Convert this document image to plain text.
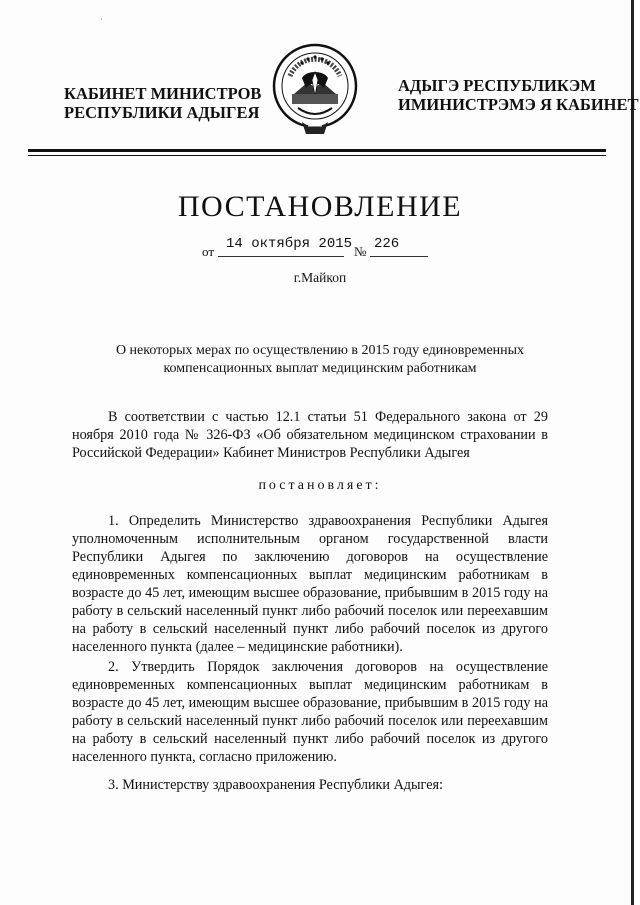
·
КАБИНЕТ МИНИСТРОВ
РЕСПУБЛИКИ АДЫГЕЯ
АДЫГЭ РЕСПУБЛИКЭМ
ИМИНИСТРЭМЭ Я КАБИНЕТ
ПОСТАНОВЛЕНИЕ
от 14 октября 2015 № 226
г.Майкоп
О некоторых мерах по осуществлению в 2015 году единовременных компенсационных выплат медицинским работникам
В соответствии с частью 12.1 статьи 51 Федерального закона от 29 ноября 2010 года № 326-ФЗ «Об обязательном медицинском страховании в Российской Федерации» Кабинет Министров Республики Адыгея
постановляет:
1. Определить Министерство здравоохранения Республики Адыгея уполномоченным исполнительным органом государственной власти Республики Адыгея по заключению договоров на осуществление единовременных компенсационных выплат медицинским работникам в возрасте до 45 лет, имеющим высшее образование, прибывшим в 2015 году на работу в сельский населенный пункт либо рабочий поселок или переехавшим на работу в сельский населенный пункт либо рабочий поселок из другого населенного пункта (далее – медицинские работники).
2. Утвердить Порядок заключения договоров на осуществление единовременных компенсационных выплат медицинским работникам в возрасте до 45 лет, имеющим высшее образование, прибывшим в 2015 году на работу в сельский населенный пункт либо рабочий поселок или переехавшим на работу в сельский населенный пункт либо рабочий поселок из другого населенного пункта, согласно приложению.
3. Министерству здравоохранения Республики Адыгея:
